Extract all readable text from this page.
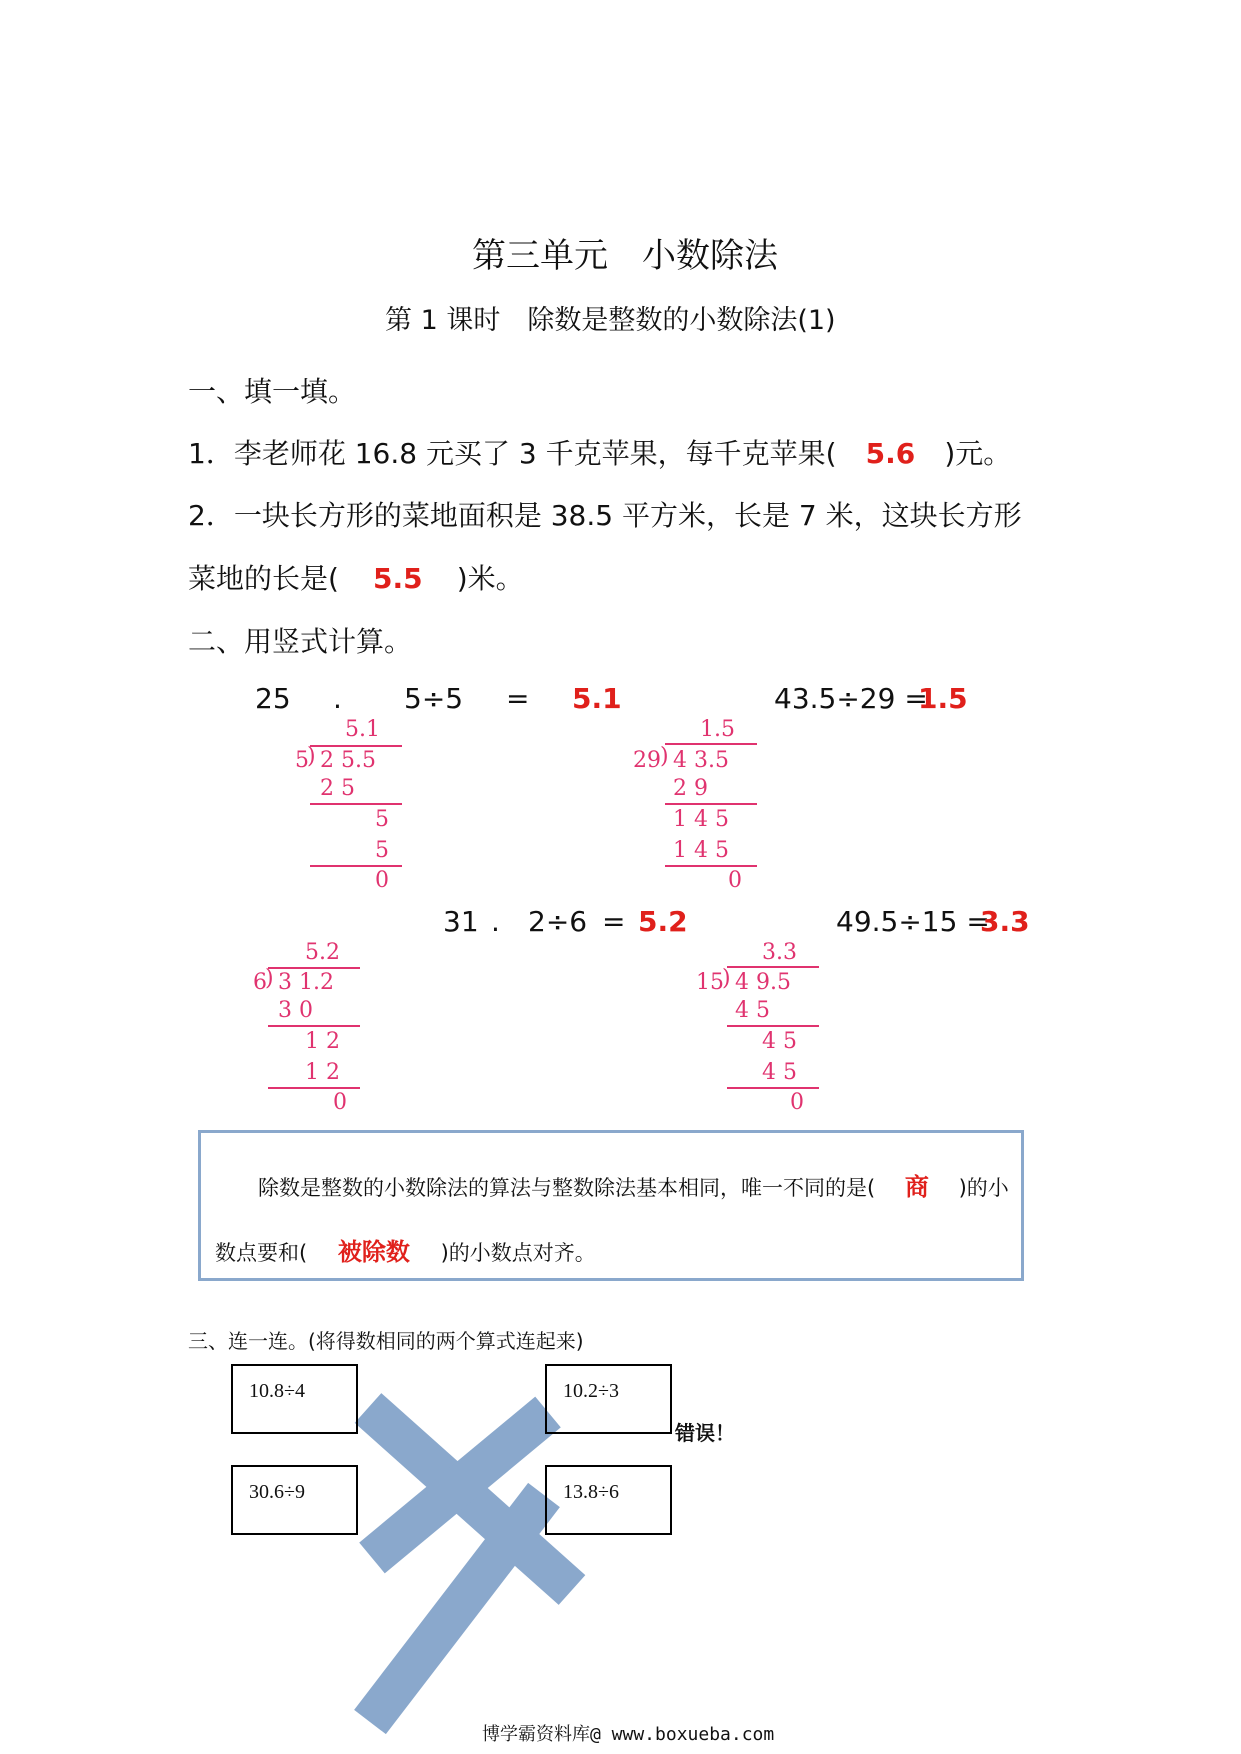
第三单元　小数除法
第 1 课时　除数是整数的小数除法(1)
一、填一填。
1．李老师花 16.8 元买了 3 千克苹果，每千克苹果( 5.6 )元。
2．一块长方形的菜地面积是 38.5 平方米，长是 7 米，这块长方形
菜地的长是( 5.5 )米。
二、用竖式计算。
25 . 5÷5 = 5.1	43.5÷29 =
1.5
5.1
5
) 2 5.5
2 5
5
5
0
1.5
29 ) 4 3.5
2 9
1 4 5
1 4 5
0
31 . 2÷6 = 5.2	49.5÷15 =
3.3
5.2
6
) 3 1.2
3 0
1 2
1 2
0
3.3
15
) 4 9.5
4 5
4 5
4 5
0
除数是整数的小数除法的算法与整数除法基本相同，唯一不同的是( 商 )的小
数点要和( 被除数 )的小数点对齐。
三、连一连。(将得数相同的两个算式连起来)
10.8÷4	10.2÷3
30.6÷9	13.8÷6
错误！
博学霸资料库@ www.boxueba.com
